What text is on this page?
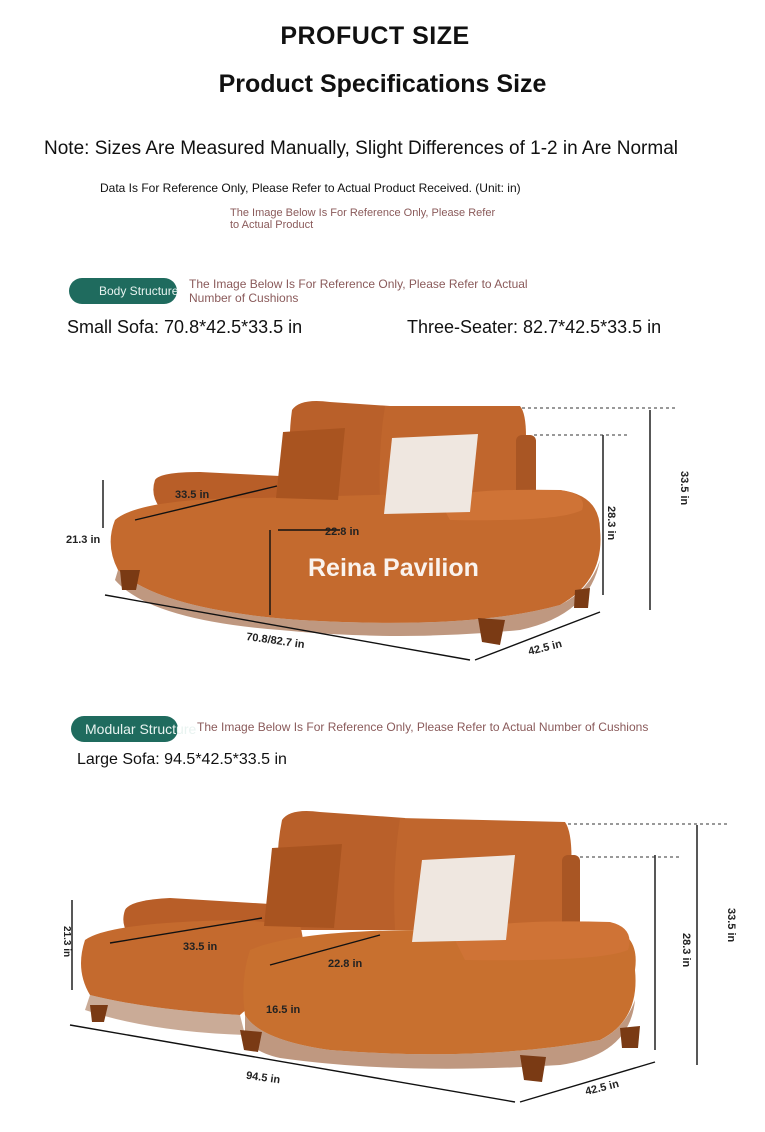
PROFUCT SIZE
Product Specifications Size
Note: Sizes Are Measured Manually, Slight Differences of 1-2 in Are Normal
Data Is For Reference Only, Please Refer to Actual Product Received. (Unit: in)
The Image Below Is For Reference Only, Please Refer to Actual Product
Body Structure The Image Below Is For Reference Only, Please Refer to Actual Number of Cushions
Small Sofa: 70.8*42.5*33.5 in	Three-Seater: 82.7*42.5*33.5 in
33.5 in
22.8 in
21.3 in	28.3 in
33.5 in
70.8/82.7 in	42.5 in
Reina Pavilion
Modular Structure The Image Below Is For Reference Only, Please Refer to Actual Number of Cushions
Large Sofa: 94.5*42.5*33.5 in
33.5 in
22.8 in
21.3 in
16.5 in
28.3 in
33.5 in
94.5 in
42.5 in
